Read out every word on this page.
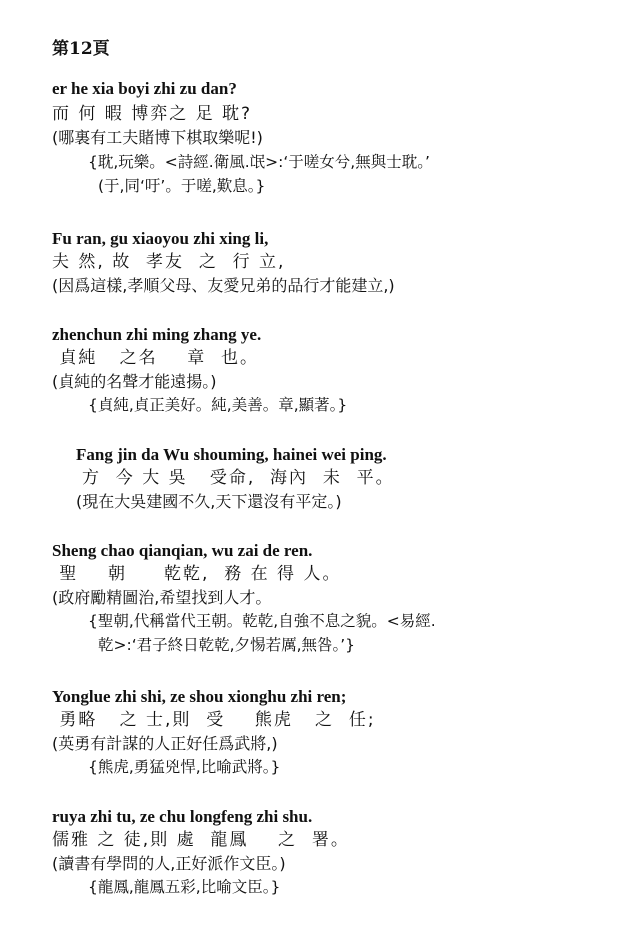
第12頁
er he xia boyi zhi zu dan?
而 何 暇 博弈之 足 耽?
(哪裏有工夫賭博下棋取樂呢!)
{耽,玩樂。<詩經.衛風.氓>:‘于嗟女兮,無與士耽。’
(于,同‘吁’。于嗟,歎息。}
Fu ran, gu xiaoyou zhi xing li,
夫 然, 故  孝友  之  行 立,
(因爲這樣,孝順父母、友愛兄弟的品行才能建立,)
zhenchun zhi ming zhang ye.
貞純   之名    章  也。
(貞純的名聲才能遠揚。)
{貞純,貞正美好。純,美善。章,顯著。}
Fang jin da Wu shouming, hainei wei ping.
方  今 大 吳   受命,  海內  未  平。
(現在大吳建國不久,天下還沒有平定。)
Sheng chao qianqian, wu zai de ren.
聖    朝     乾乾,  務 在 得 人。
(政府勵精圖治,希望找到人才。
{聖朝,代稱當代王朝。乾乾,自強不息之貌。<易經.
乾>:‘君子終日乾乾,夕惕若厲,無咎。’}
Yonglue zhi shi, ze shou xionghu zhi ren;
勇略   之 士,則  受    熊虎   之  任;
(英勇有計謀的人正好任爲武將,)
{熊虎,勇猛兇悍,比喻武將。}
ruya zhi tu, ze chu longfeng zhi shu.
儒雅 之 徒,則 處  龍鳳    之  署。
(讀書有學問的人,正好派作文臣。)
{龍鳳,龍鳳五彩,比喻文臣。}
